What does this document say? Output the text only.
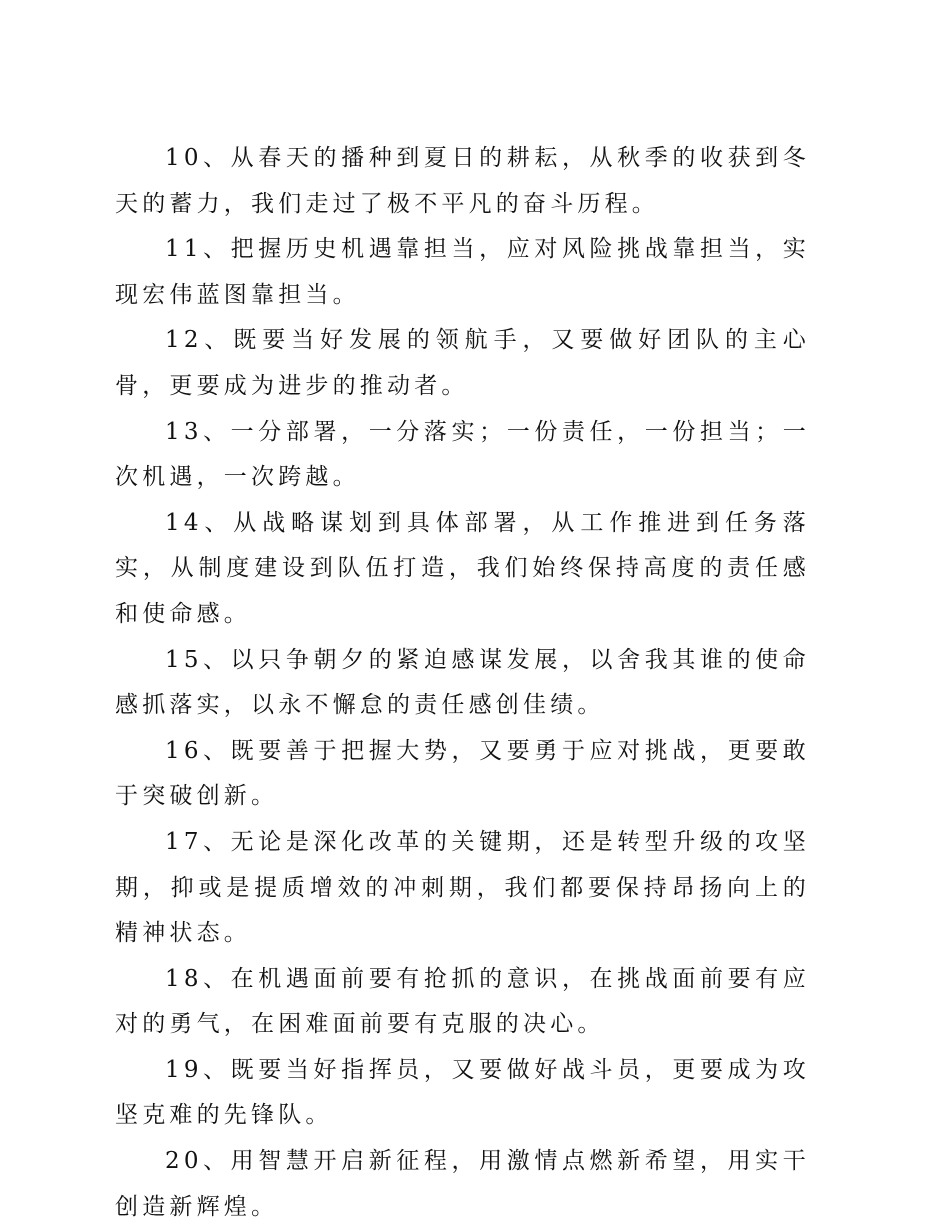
10、从春天的播种到夏日的耕耘，从秋季的收获到冬天的蓄力，我们走过了极不平凡的奋斗历程。

11、把握历史机遇靠担当，应对风险挑战靠担当，实现宏伟蓝图靠担当。

12、既要当好发展的领航手，又要做好团队的主心骨，更要成为进步的推动者。

13、一分部署，一分落实；一份责任，一份担当；一次机遇，一次跨越。

14、从战略谋划到具体部署，从工作推进到任务落实，从制度建设到队伍打造，我们始终保持高度的责任感和使命感。

15、以只争朝夕的紧迫感谋发展，以舍我其谁的使命感抓落实，以永不懈怠的责任感创佳绩。

16、既要善于把握大势，又要勇于应对挑战，更要敢于突破创新。

17、无论是深化改革的关键期，还是转型升级的攻坚期，抑或是提质增效的冲刺期，我们都要保持昂扬向上的精神状态。

18、在机遇面前要有抢抓的意识，在挑战面前要有应对的勇气，在困难面前要有克服的决心。

19、既要当好指挥员，又要做好战斗员，更要成为攻坚克难的先锋队。

20、用智慧开启新征程，用激情点燃新希望，用实干创造新辉煌。
